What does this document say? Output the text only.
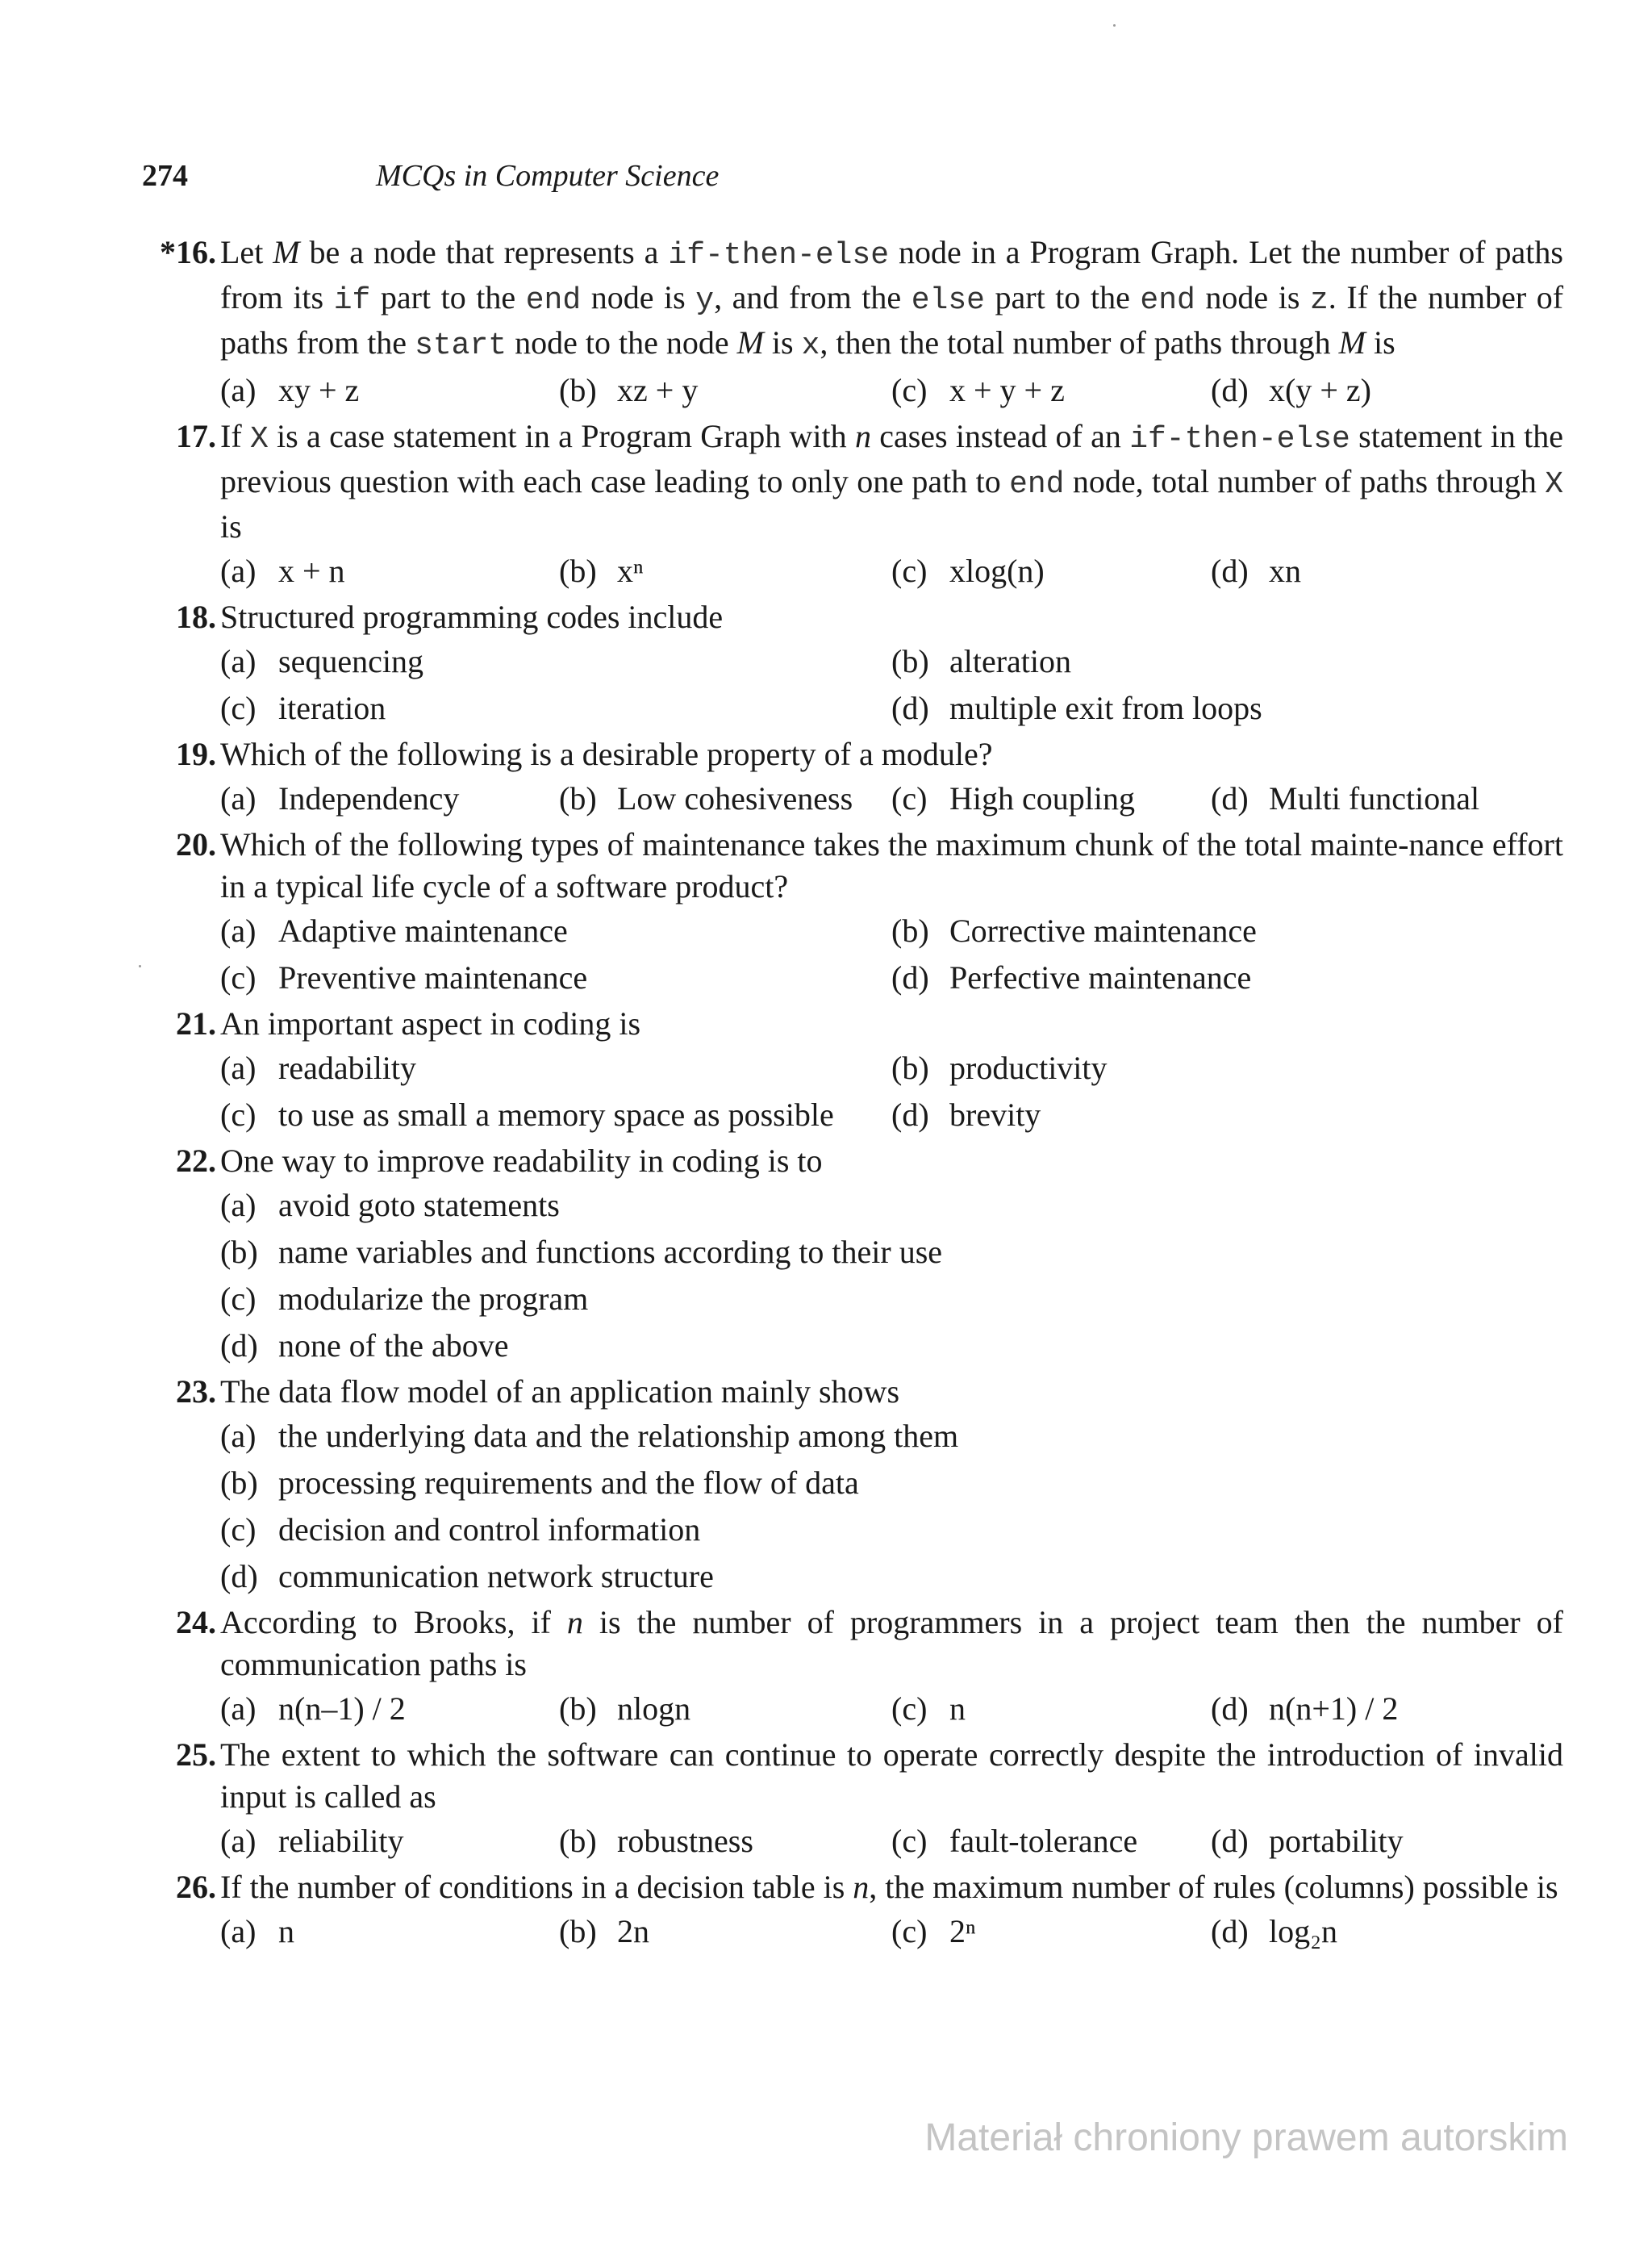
274	MCQs in Computer Science
*16. Let M be a node that represents a if-then-else node in a Program Graph. Let the number of paths from its if part to the end node is y, and from the else part to the end node is z. If the number of paths from the start node to the node M is x, then the total number of paths through M is
(a) xy + z	(b) xz + y	(c) x + y + z	(d) x(y + z)
17. If X is a case statement in a Program Graph with n cases instead of an if-then-else statement in the previous question with each case leading to only one path to end node, total number of paths through X is
(a) x + n	(b) xⁿ	(c) xlog(n)	(d) xn
18. Structured programming codes include
(a) sequencing	(b) alteration
(c) iteration	(d) multiple exit from loops
19. Which of the following is a desirable property of a module?
(a) Independency	(b) Low cohesiveness	(c) High coupling	(d) Multi functional
20. Which of the following types of maintenance takes the maximum chunk of the total mainte-nance effort in a typical life cycle of a software product?
(a) Adaptive maintenance	(b) Corrective maintenance
(c) Preventive maintenance	(d) Perfective maintenance
21. An important aspect in coding is
(a) readability	(b) productivity
(c) to use as small a memory space as possible	(d) brevity
22. One way to improve readability in coding is to
(a) avoid goto statements
(b) name variables and functions according to their use
(c) modularize the program
(d) none of the above
23. The data flow model of an application mainly shows
(a) the underlying data and the relationship among them
(b) processing requirements and the flow of data
(c) decision and control information
(d) communication network structure
24. According to Brooks, if n is the number of programmers in a project team then the number of communication paths is
(a) n(n–1) / 2	(b) nlogn	(c) n	(d) n(n+1) / 2
25. The extent to which the software can continue to operate correctly despite the introduction of invalid input is called as
(a) reliability	(b) robustness	(c) fault-tolerance	(d) portability
26. If the number of conditions in a decision table is n, the maximum number of rules (columns) possible is
(a) n	(b) 2n	(c) 2ⁿ	(d) log₂n
Materiał chroniony prawem autorskim
